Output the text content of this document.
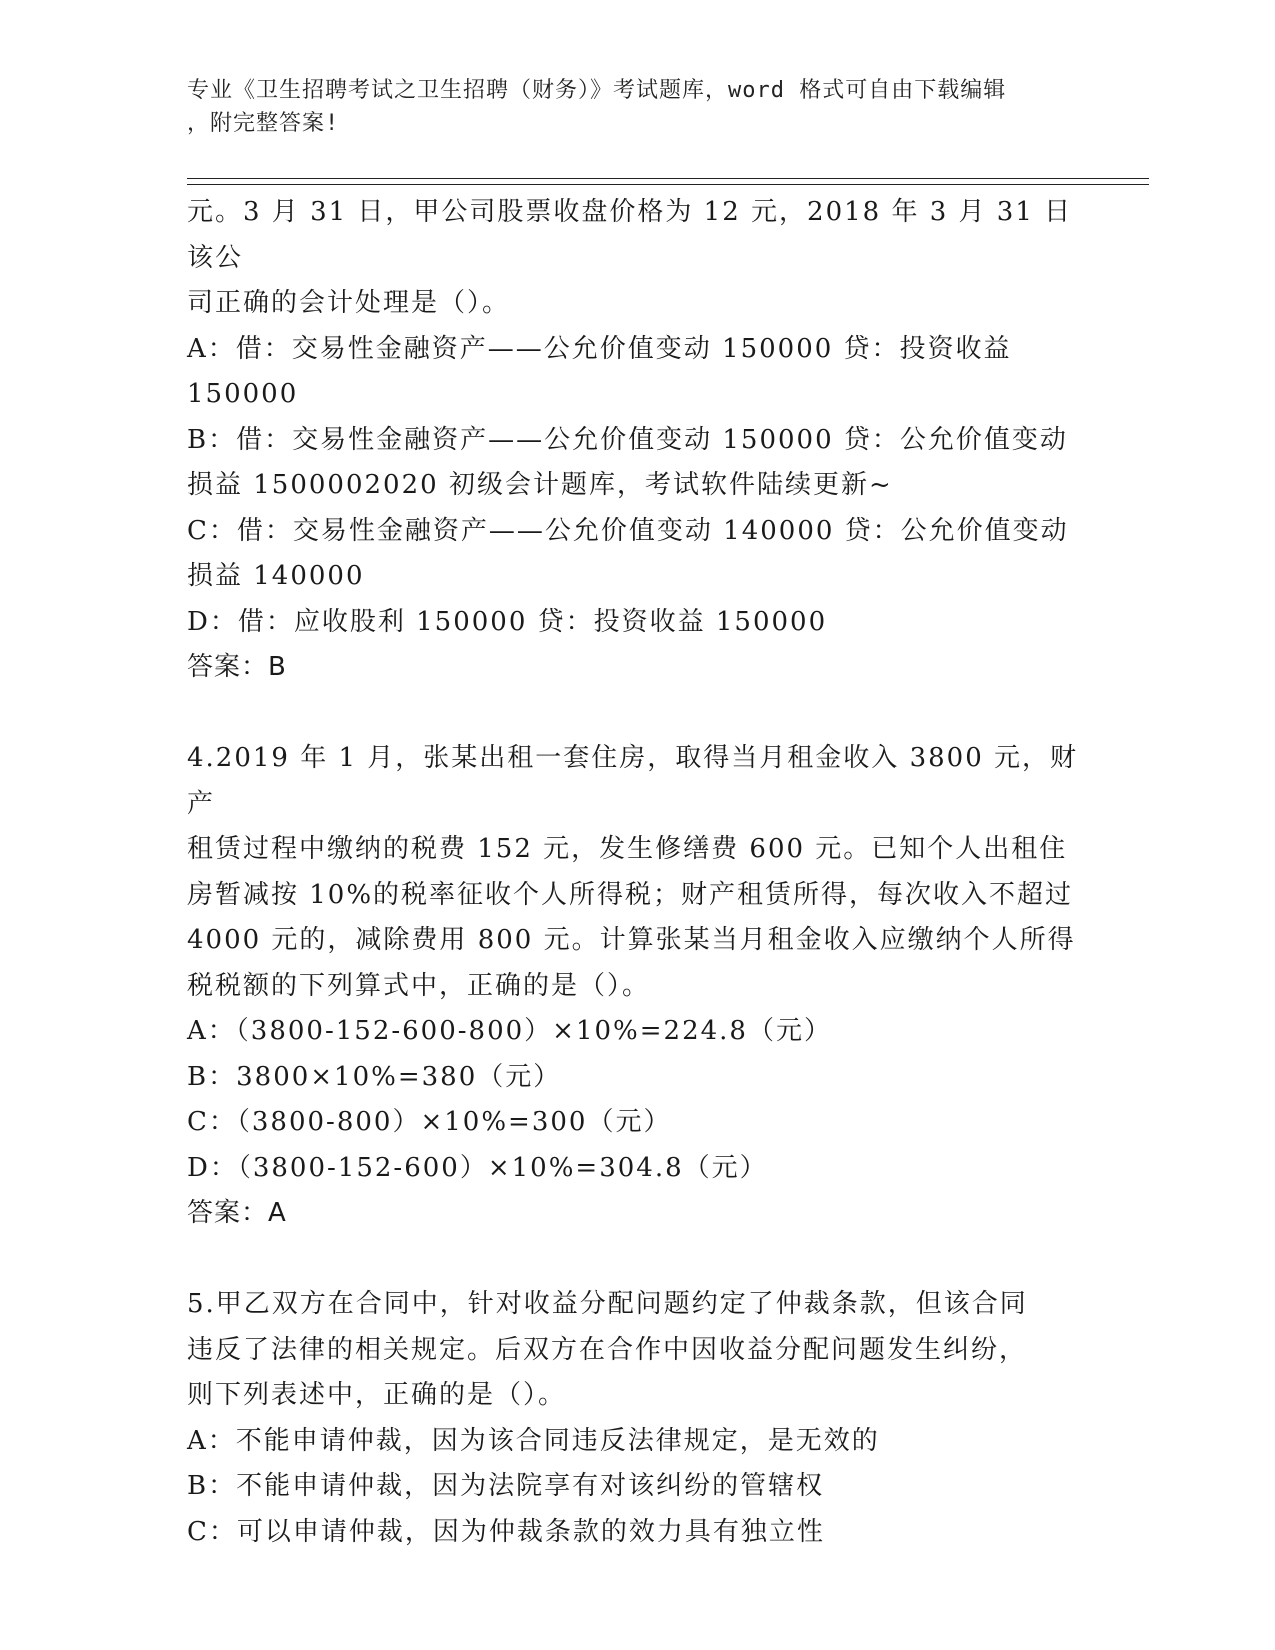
专业《卫生招聘考试之卫生招聘（财务）》考试题库，word 格式可自由下载编辑
，附完整答案!

元。3 月 31 日，甲公司股票收盘价格为 12 元，2018 年 3 月 31 日该公

司正确的会计处理是（）。

A：借：交易性金融资产——公允价值变动 150000 贷：投资收益

150000

B：借：交易性金融资产——公允价值变动 150000 贷：公允价值变动

损益 1500002020 初级会计题库，考试软件陆续更新~

C：借：交易性金融资产——公允价值变动 140000 贷：公允价值变动

损益 140000

D：借：应收股利 150000 贷：投资收益 150000

答案：B

4.2019 年 1 月，张某出租一套住房，取得当月租金收入 3800 元，财产

租赁过程中缴纳的税费 152 元，发生修缮费 600 元。已知个人出租住

房暂减按 10%的税率征收个人所得税；财产租赁所得，每次收入不超过

4000 元的，减除费用 800 元。计算张某当月租金收入应缴纳个人所得

税税额的下列算式中，正确的是（）。

A：（3800-152-600-800）×10%=224.8（元）

B：3800×10%=380（元）

C：（3800-800）×10%=300（元）

D：（3800-152-600）×10%=304.8（元）

答案：A

5.甲乙双方在合同中，针对收益分配问题约定了仲裁条款，但该合同

违反了法律的相关规定。后双方在合作中因收益分配问题发生纠纷，

则下列表述中，正确的是（）。

A：不能申请仲裁，因为该合同违反法律规定，是无效的

B：不能申请仲裁，因为法院享有对该纠纷的管辖权

C：可以申请仲裁，因为仲裁条款的效力具有独立性
